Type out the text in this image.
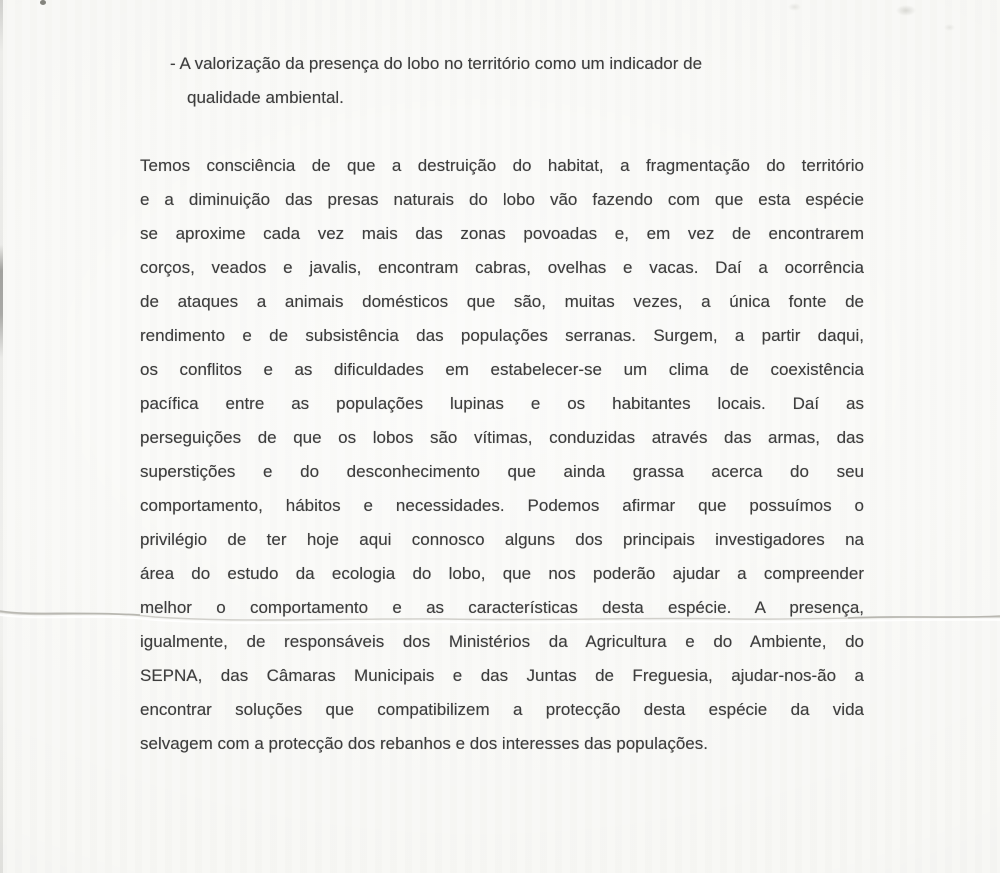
- A valorização da presença do lobo no território como um indicador de
qualidade ambiental.
Temos consciência de que a destruição do habitat, a fragmentação do território
e a diminuição das presas naturais do lobo vão fazendo com que esta espécie
se aproxime cada vez mais das zonas povoadas e, em vez de encontrarem
corços, veados e javalis, encontram cabras, ovelhas e vacas. Daí a ocorrência
de ataques a animais domésticos que são, muitas vezes, a única fonte de
rendimento e de subsistência das populações serranas. Surgem, a partir daqui,
os conflitos e as dificuldades em estabelecer-se um clima de coexistência
pacífica entre as populações lupinas e os habitantes locais. Daí as
perseguições de que os lobos são vítimas, conduzidas através das armas, das
superstições e do desconhecimento que ainda grassa acerca do seu
comportamento, hábitos e necessidades. Podemos afirmar que possuímos o
privilégio de ter hoje aqui connosco alguns dos principais investigadores na
área do estudo da ecologia do lobo, que nos poderão ajudar a compreender
melhor o comportamento e as características desta espécie. A presença,
igualmente, de responsáveis dos Ministérios da Agricultura e do Ambiente, do
SEPNA, das Câmaras Municipais e das Juntas de Freguesia, ajudar-nos-ão a
encontrar soluções que compatibilizem a protecção desta espécie da vida
selvagem com a protecção dos rebanhos e dos interesses das populações.
